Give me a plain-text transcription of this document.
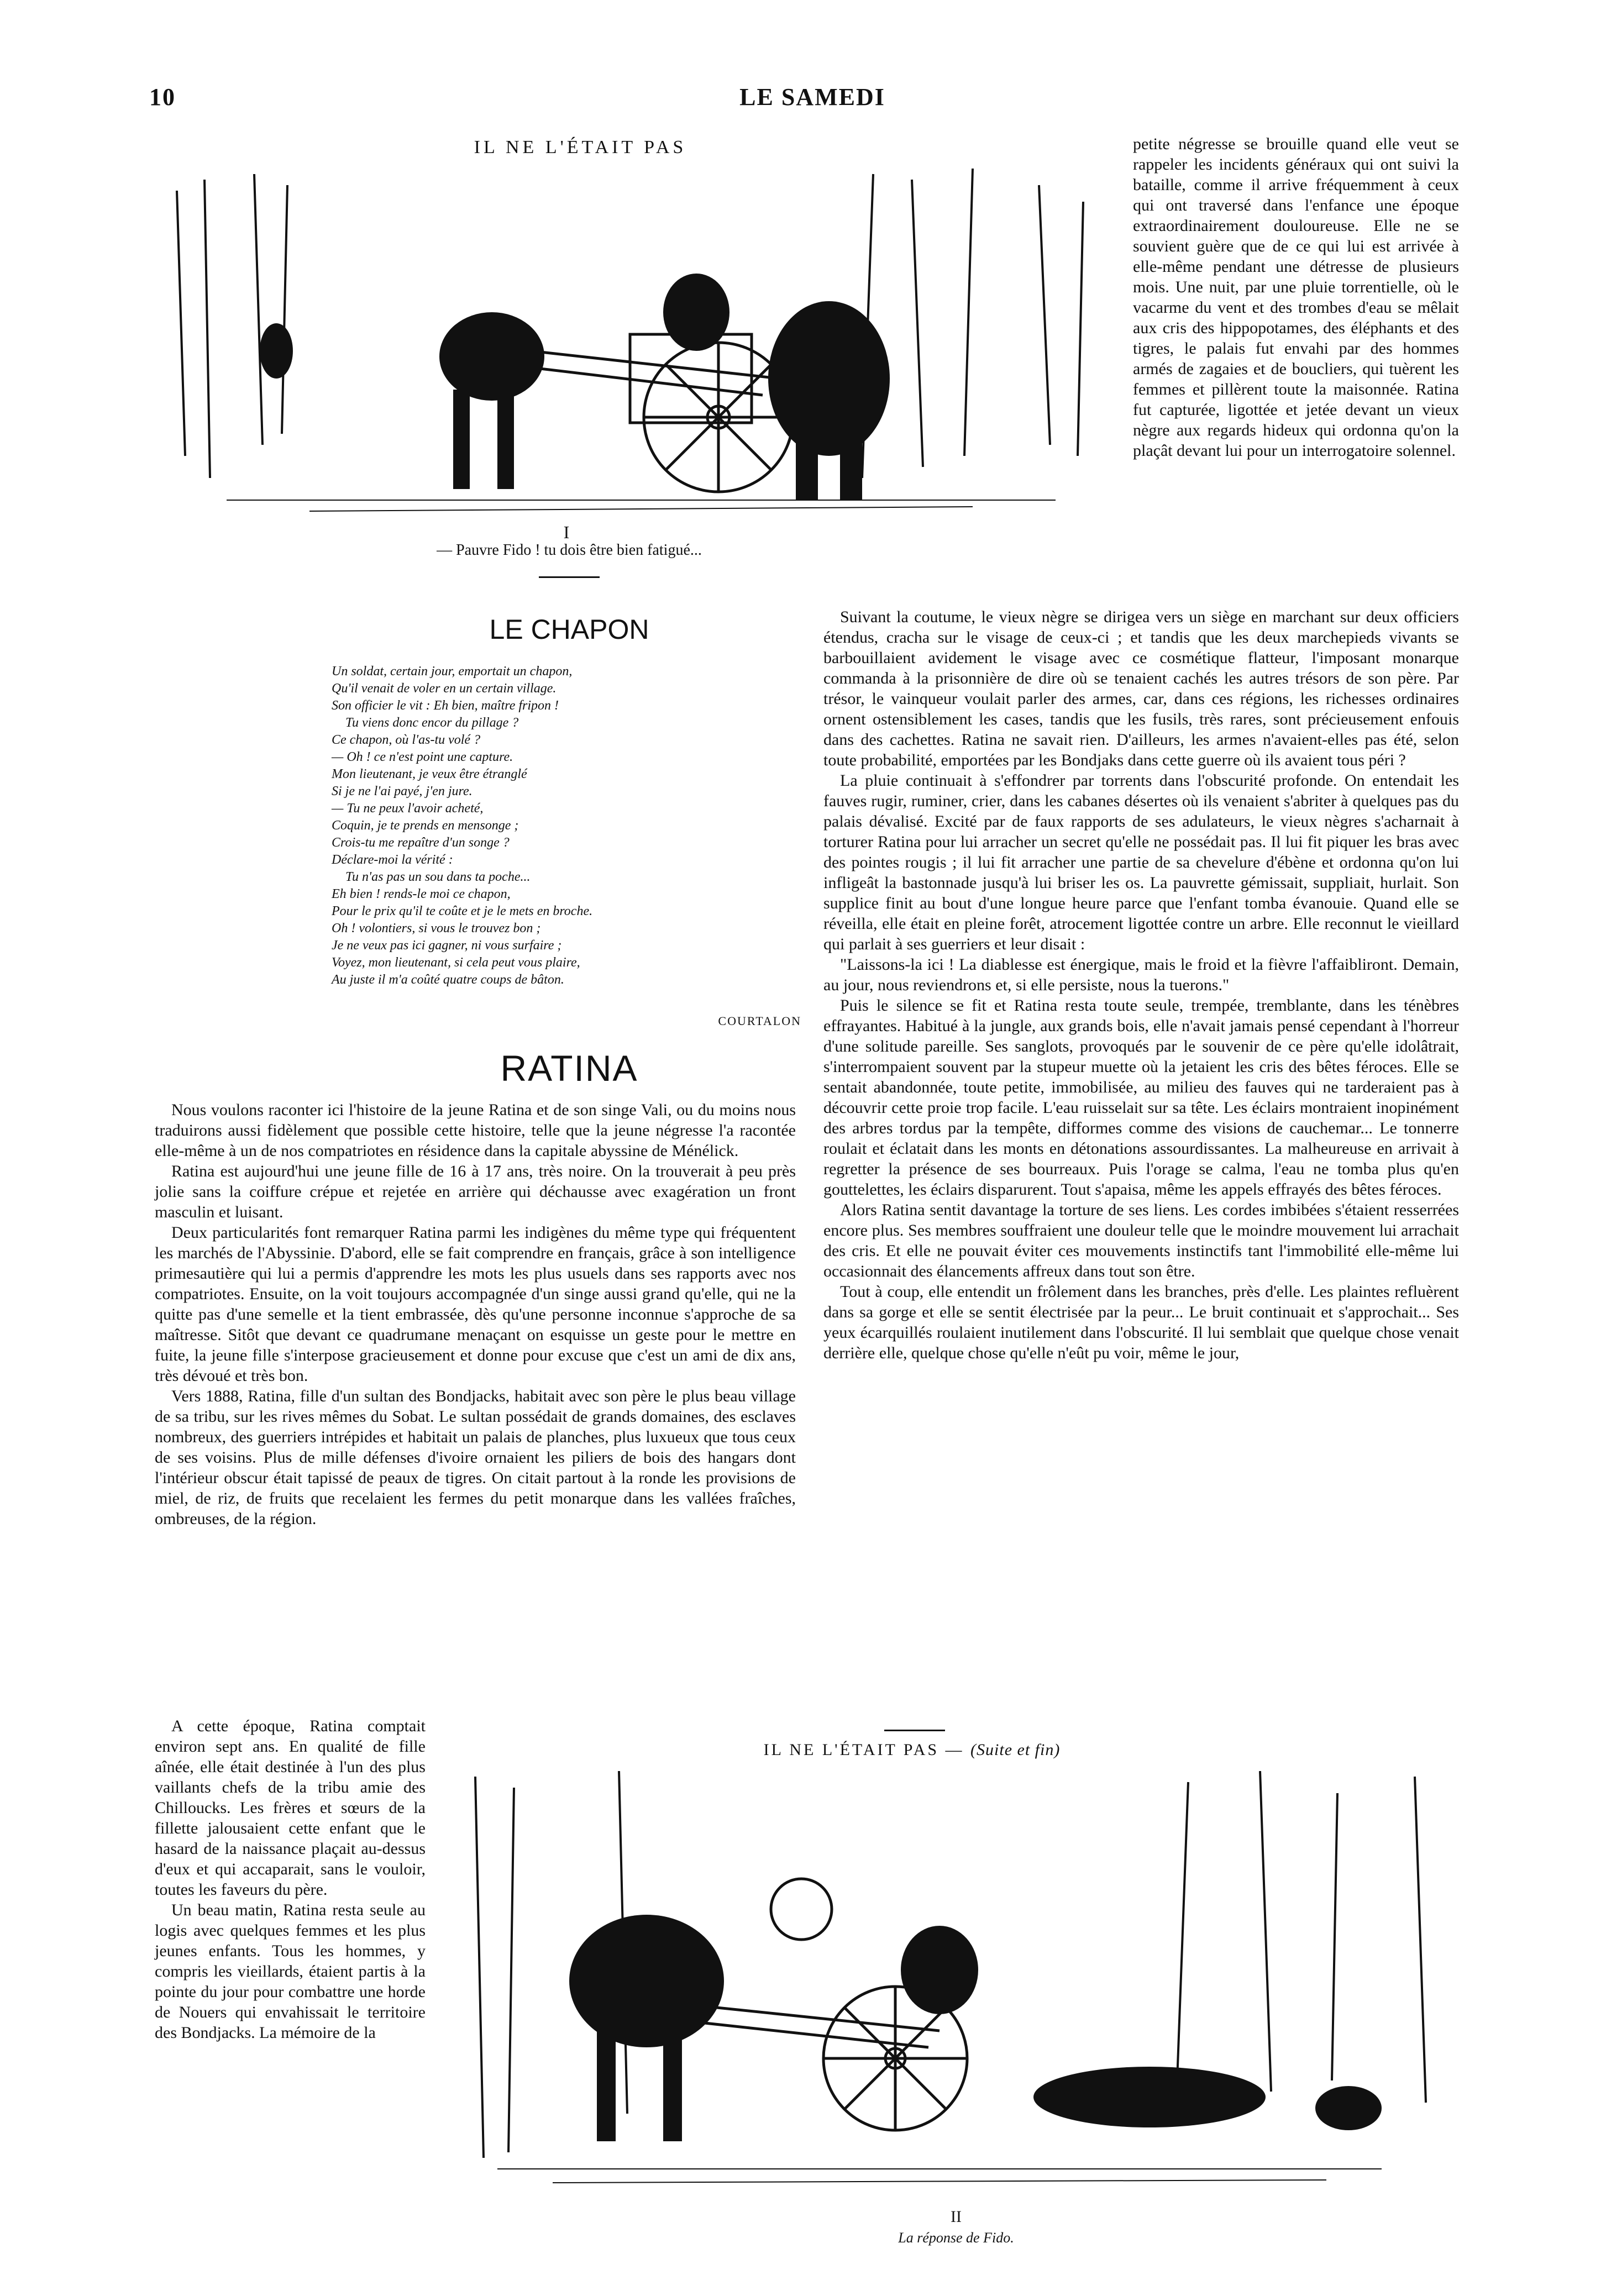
10	LE SAMEDI
IL NE L'ÉTAIT PAS
I
— Pauvre Fido ! tu dois être bien fatigué...

petite négresse se brouille quand elle veut se rappeler les incidents généraux qui ont suivi la bataille, comme il arrive fréquemment à ceux qui ont traversé dans l'enfance une époque extraordinairement douloureuse. Elle ne se souvient guère que de ce qui lui est arrivée à elle-même pendant une détresse de plusieurs mois. Une nuit, par une pluie torrentielle, où le vacarme du vent et des trombes d'eau se mêlait aux cris des hippopotames, des éléphants et des tigres, le palais fut envahi par des hommes armés de zagaies et de boucliers, qui tuèrent les femmes et pillèrent toute la maisonnée. Ratina fut capturée, ligottée et jetée devant un vieux nègre aux regards hideux qui ordonna qu'on la plaçât devant lui pour un interrogatoire solennel.

LE CHAPON
Un soldat, certain jour, emportait un chapon,
Qu'il venait de voler en un certain village.
Son officier le vit : Eh bien, maître fripon !
Tu viens donc encor du pillage ?
Ce chapon, où l'as-tu volé ?
— Oh ! ce n'est point une capture.
Mon lieutenant, je veux être étranglé
Si je ne l'ai payé, j'en jure.
— Tu ne peux l'avoir acheté,
Coquin, je te prends en mensonge ;
Crois-tu me repaître d'un songe ?
Déclare-moi la vérité :
Tu n'as pas un sou dans ta poche...
Eh bien ! rends-le moi ce chapon,
Pour le prix qu'il te coûte et je le mets en broche.
Oh ! volontiers, si vous le trouvez bon ;
Je ne veux pas ici gagner, ni vous surfaire ;
Voyez, mon lieutenant, si cela peut vous plaire,
Au juste il m'a coûté quatre coups de bâton.
COURTALON
RATINA

Nous voulons raconter ici l'histoire de la jeune Ratina et de son singe Vali, ou du moins nous traduirons aussi fidèlement que possible cette histoire, telle que la jeune négresse l'a racontée elle-même à un de nos compatriotes en résidence dans la capitale abyssine de Ménélick.

Ratina est aujourd'hui une jeune fille de 16 à 17 ans, très noire. On la trouverait à peu près jolie sans la coiffure crépue et rejetée en arrière qui déchausse avec exagération un front masculin et luisant.

Deux particularités font remarquer Ratina parmi les indigènes du même type qui fréquentent les marchés de l'Abyssinie. D'abord, elle se fait comprendre en français, grâce à son intelligence primesautière qui lui a permis d'apprendre les mots les plus usuels dans ses rapports avec nos compatriotes. Ensuite, on la voit toujours accompagnée d'un singe aussi grand qu'elle, qui ne la quitte pas d'une semelle et la tient embrassée, dès qu'une personne inconnue s'approche de sa maîtresse. Sitôt que devant ce quadrumane menaçant on esquisse un geste pour le mettre en fuite, la jeune fille s'interpose gracieusement et donne pour excuse que c'est un ami de dix ans, très dévoué et très bon.

Vers 1888, Ratina, fille d'un sultan des Bondjacks, habitait avec son père le plus beau village de sa tribu, sur les rives mêmes du Sobat. Le sultan possédait de grands domaines, des esclaves nombreux, des guerriers intrépides et habitait un palais de planches, plus luxueux que tous ceux de ses voisins. Plus de mille défenses d'ivoire ornaient les piliers de bois des hangars dont l'intérieur obscur était tapissé de peaux de tigres. On citait partout à la ronde les provisions de miel, de riz, de fruits que recelaient les fermes du petit monarque dans les vallées fraîches, ombreuses, de la région.

A cette époque, Ratina comptait environ sept ans. En qualité de fille aînée, elle était destinée à l'un des plus vaillants chefs de la tribu amie des Chilloucks. Les frères et sœurs de la fillette jalousaient cette enfant que le hasard de la naissance plaçait au-dessus d'eux et qui accaparait, sans le vouloir, toutes les faveurs du père.

Un beau matin, Ratina resta seule au logis avec quelques femmes et les plus jeunes enfants. Tous les hommes, y compris les vieillards, étaient partis à la pointe du jour pour combattre une horde de Nouers qui envahissait le territoire des Bondjacks. La mémoire de la

Suivant la coutume, le vieux nègre se dirigea vers un siège en marchant sur deux officiers étendus, cracha sur le visage de ceux-ci ; et tandis que les deux marchepieds vivants se barbouillaient avidement le visage avec ce cosmétique flatteur, l'imposant monarque commanda à la prisonnière de dire où se tenaient cachés les autres trésors de son père. Par trésor, le vainqueur voulait parler des armes, car, dans ces régions, les richesses ordinaires ornent ostensiblement les cases, tandis que les fusils, très rares, sont précieusement enfouis dans des cachettes. Ratina ne savait rien. D'ailleurs, les armes n'avaient-elles pas été, selon toute probabilité, emportées par les Bondjaks dans cette guerre où ils avaient tous péri ?

La pluie continuait à s'effondrer par torrents dans l'obscurité profonde. On entendait les fauves rugir, ruminer, crier, dans les cabanes désertes où ils venaient s'abriter à quelques pas du palais dévalisé. Excité par de faux rapports de ses adulateurs, le vieux nègres s'acharnait à torturer Ratina pour lui arracher un secret qu'elle ne possédait pas. Il lui fit piquer les bras avec des pointes rougis ; il lui fit arracher une partie de sa chevelure d'ébène et ordonna qu'on lui infligeât la bastonnade jusqu'à lui briser les os. La pauvrette gémissait, suppliait, hurlait. Son supplice finit au bout d'une longue heure parce que l'enfant tomba évanouie. Quand elle se réveilla, elle était en pleine forêt, atrocement ligottée contre un arbre. Elle reconnut le vieillard qui parlait à ses guerriers et leur disait :

"Laissons-la ici ! La diablesse est énergique, mais le froid et la fièvre l'affaibliront. Demain, au jour, nous reviendrons et, si elle persiste, nous la tuerons."

Puis le silence se fit et Ratina resta toute seule, trempée, tremblante, dans les ténèbres effrayantes. Habitué à la jungle, aux grands bois, elle n'avait jamais pensé cependant à l'horreur d'une solitude pareille. Ses sanglots, provoqués par le souvenir de ce père qu'elle idolâtrait, s'interrompaient souvent par la stupeur muette où la jetaient les cris des bêtes féroces. Elle se sentait abandonnée, toute petite, immobilisée, au milieu des fauves qui ne tarderaient pas à découvrir cette proie trop facile. L'eau ruisselait sur sa tête. Les éclairs montraient inopinément des arbres tordus par la tempête, difformes comme des visions de cauchemar... Le tonnerre roulait et éclatait dans les monts en détonations assourdissantes. La malheureuse en arrivait à regretter la présence de ses bourreaux. Puis l'orage se calma, l'eau ne tomba plus qu'en gouttelettes, les éclairs disparurent. Tout s'apaisa, même les appels effrayés des bêtes féroces.

Alors Ratina sentit davantage la torture de ses liens. Les cordes imbibées s'étaient resserrées encore plus. Ses membres souffraient une douleur telle que le moindre mouvement lui arrachait des cris. Et elle ne pouvait éviter ces mouvements instinctifs tant l'immobilité elle-même lui occasionnait des élancements affreux dans tout son être.

Tout à coup, elle entendit un frôlement dans les branches, près d'elle. Les plaintes refluèrent dans sa gorge et elle se sentit électrisée par la peur... Le bruit continuait et s'approchait... Ses yeux écarquillés roulaient inutilement dans l'obscurité. Il lui semblait que quelque chose venait derrière elle, quelque chose qu'elle n'eût pu voir, même le jour,

IL NE L'ÉTAIT PAS — (Suite et fin)
II
La réponse de Fido.
